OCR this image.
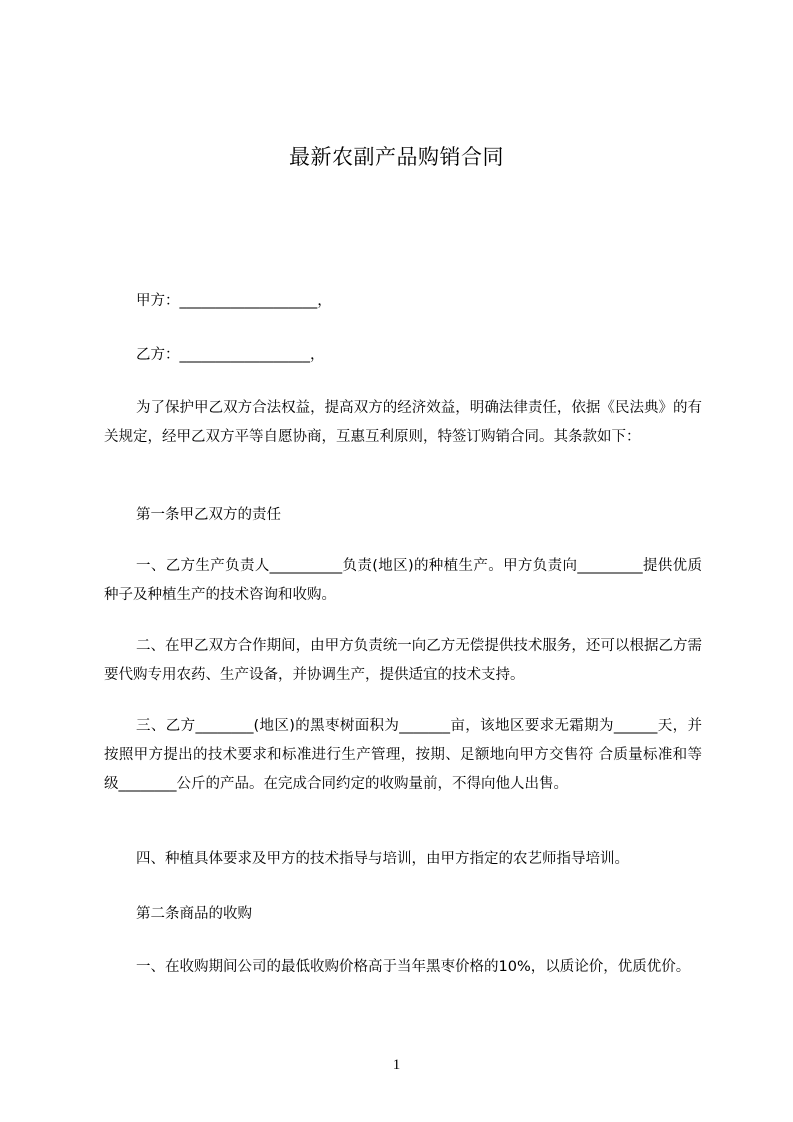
最新农副产品购销合同
甲方：___________________，
乙方：__________________，
为了保护甲乙双方合法权益，提高双方的经济效益，明确法律责任，依据《民法典》的有关规定，经甲乙双方平等自愿协商，互惠互利原则，特签订购销合同。其条款如下：
第一条甲乙双方的责任
一、乙方生产负责人__________负责(地区)的种植生产。甲方负责向_________提供优质种子及种植生产的技术咨询和收购。
二、在甲乙双方合作期间，由甲方负责统一向乙方无偿提供技术服务，还可以根据乙方需要代购专用农药、生产设备，并协调生产，提供适宜的技术支持。
三、乙方________(地区)的黑枣树面积为_______亩，该地区要求无霜期为______天，并按照甲方提出的技术要求和标准进行生产管理，按期、足额地向甲方交售符 合质量标准和等级________公斤的产品。在完成合同约定的收购量前，不得向他人出售。
四、种植具体要求及甲方的技术指导与培训，由甲方指定的农艺师指导培训。
第二条商品的收购
一、在收购期间公司的最低收购价格高于当年黑枣价格的10%，以质论价，优质优价。
1
